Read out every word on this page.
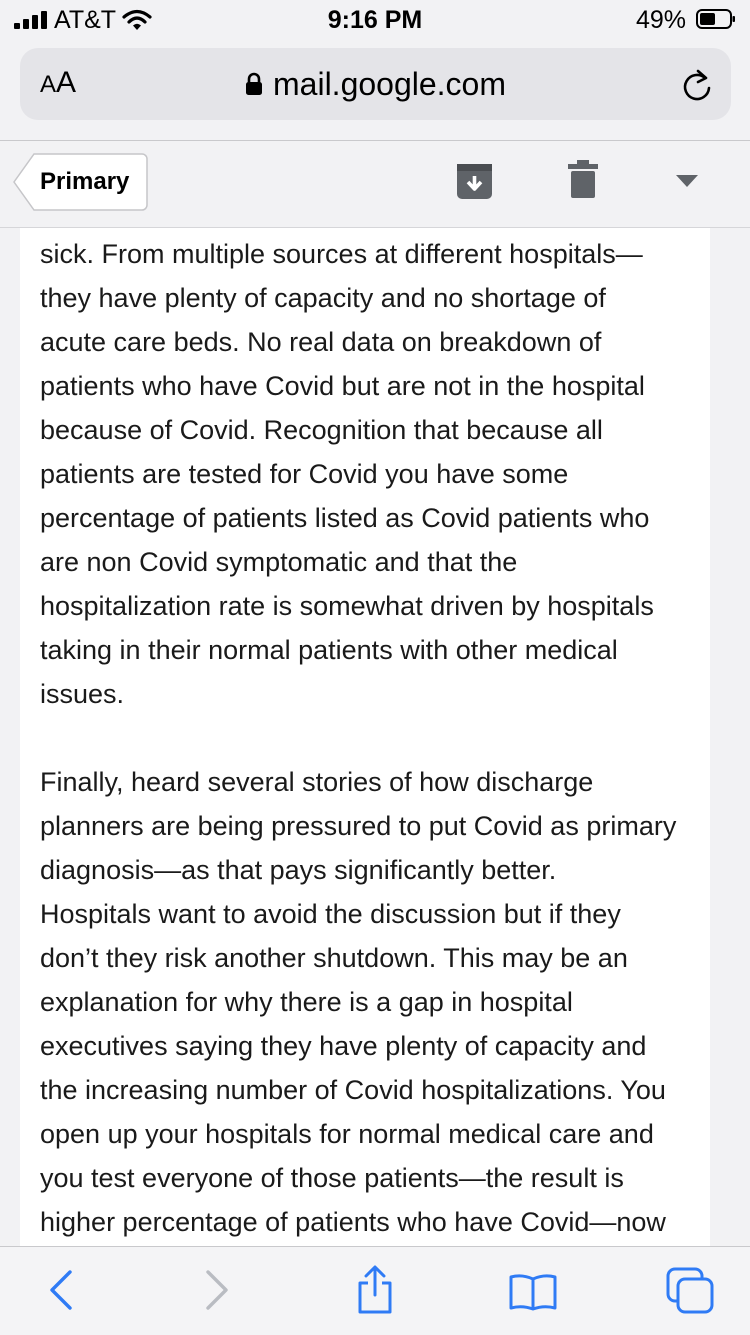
AT&T	9:16 PM	49%
AA	mail.google.com
Primary

sick. From multiple sources at different hospitals—
they have plenty of capacity and no shortage of
acute care beds. No real data on breakdown of
patients who have Covid but are not in the hospital
because of Covid. Recognition that because all
patients are tested for Covid you have some
percentage of patients listed as Covid patients who
are non Covid symptomatic and that the
hospitalization rate is somewhat driven by hospitals
taking in their normal patients with other medical
issues.

Finally, heard several stories of how discharge
planners are being pressured to put Covid as primary
diagnosis—as that pays significantly better.
Hospitals want to avoid the discussion but if they
don’t they risk another shutdown. This may be an
explanation for why there is a gap in hospital
executives saying they have plenty of capacity and
the increasing number of Covid hospitalizations. You
open up your hospitals for normal medical care and
you test everyone of those patients—the result is
higher percentage of patients who have Covid—now
